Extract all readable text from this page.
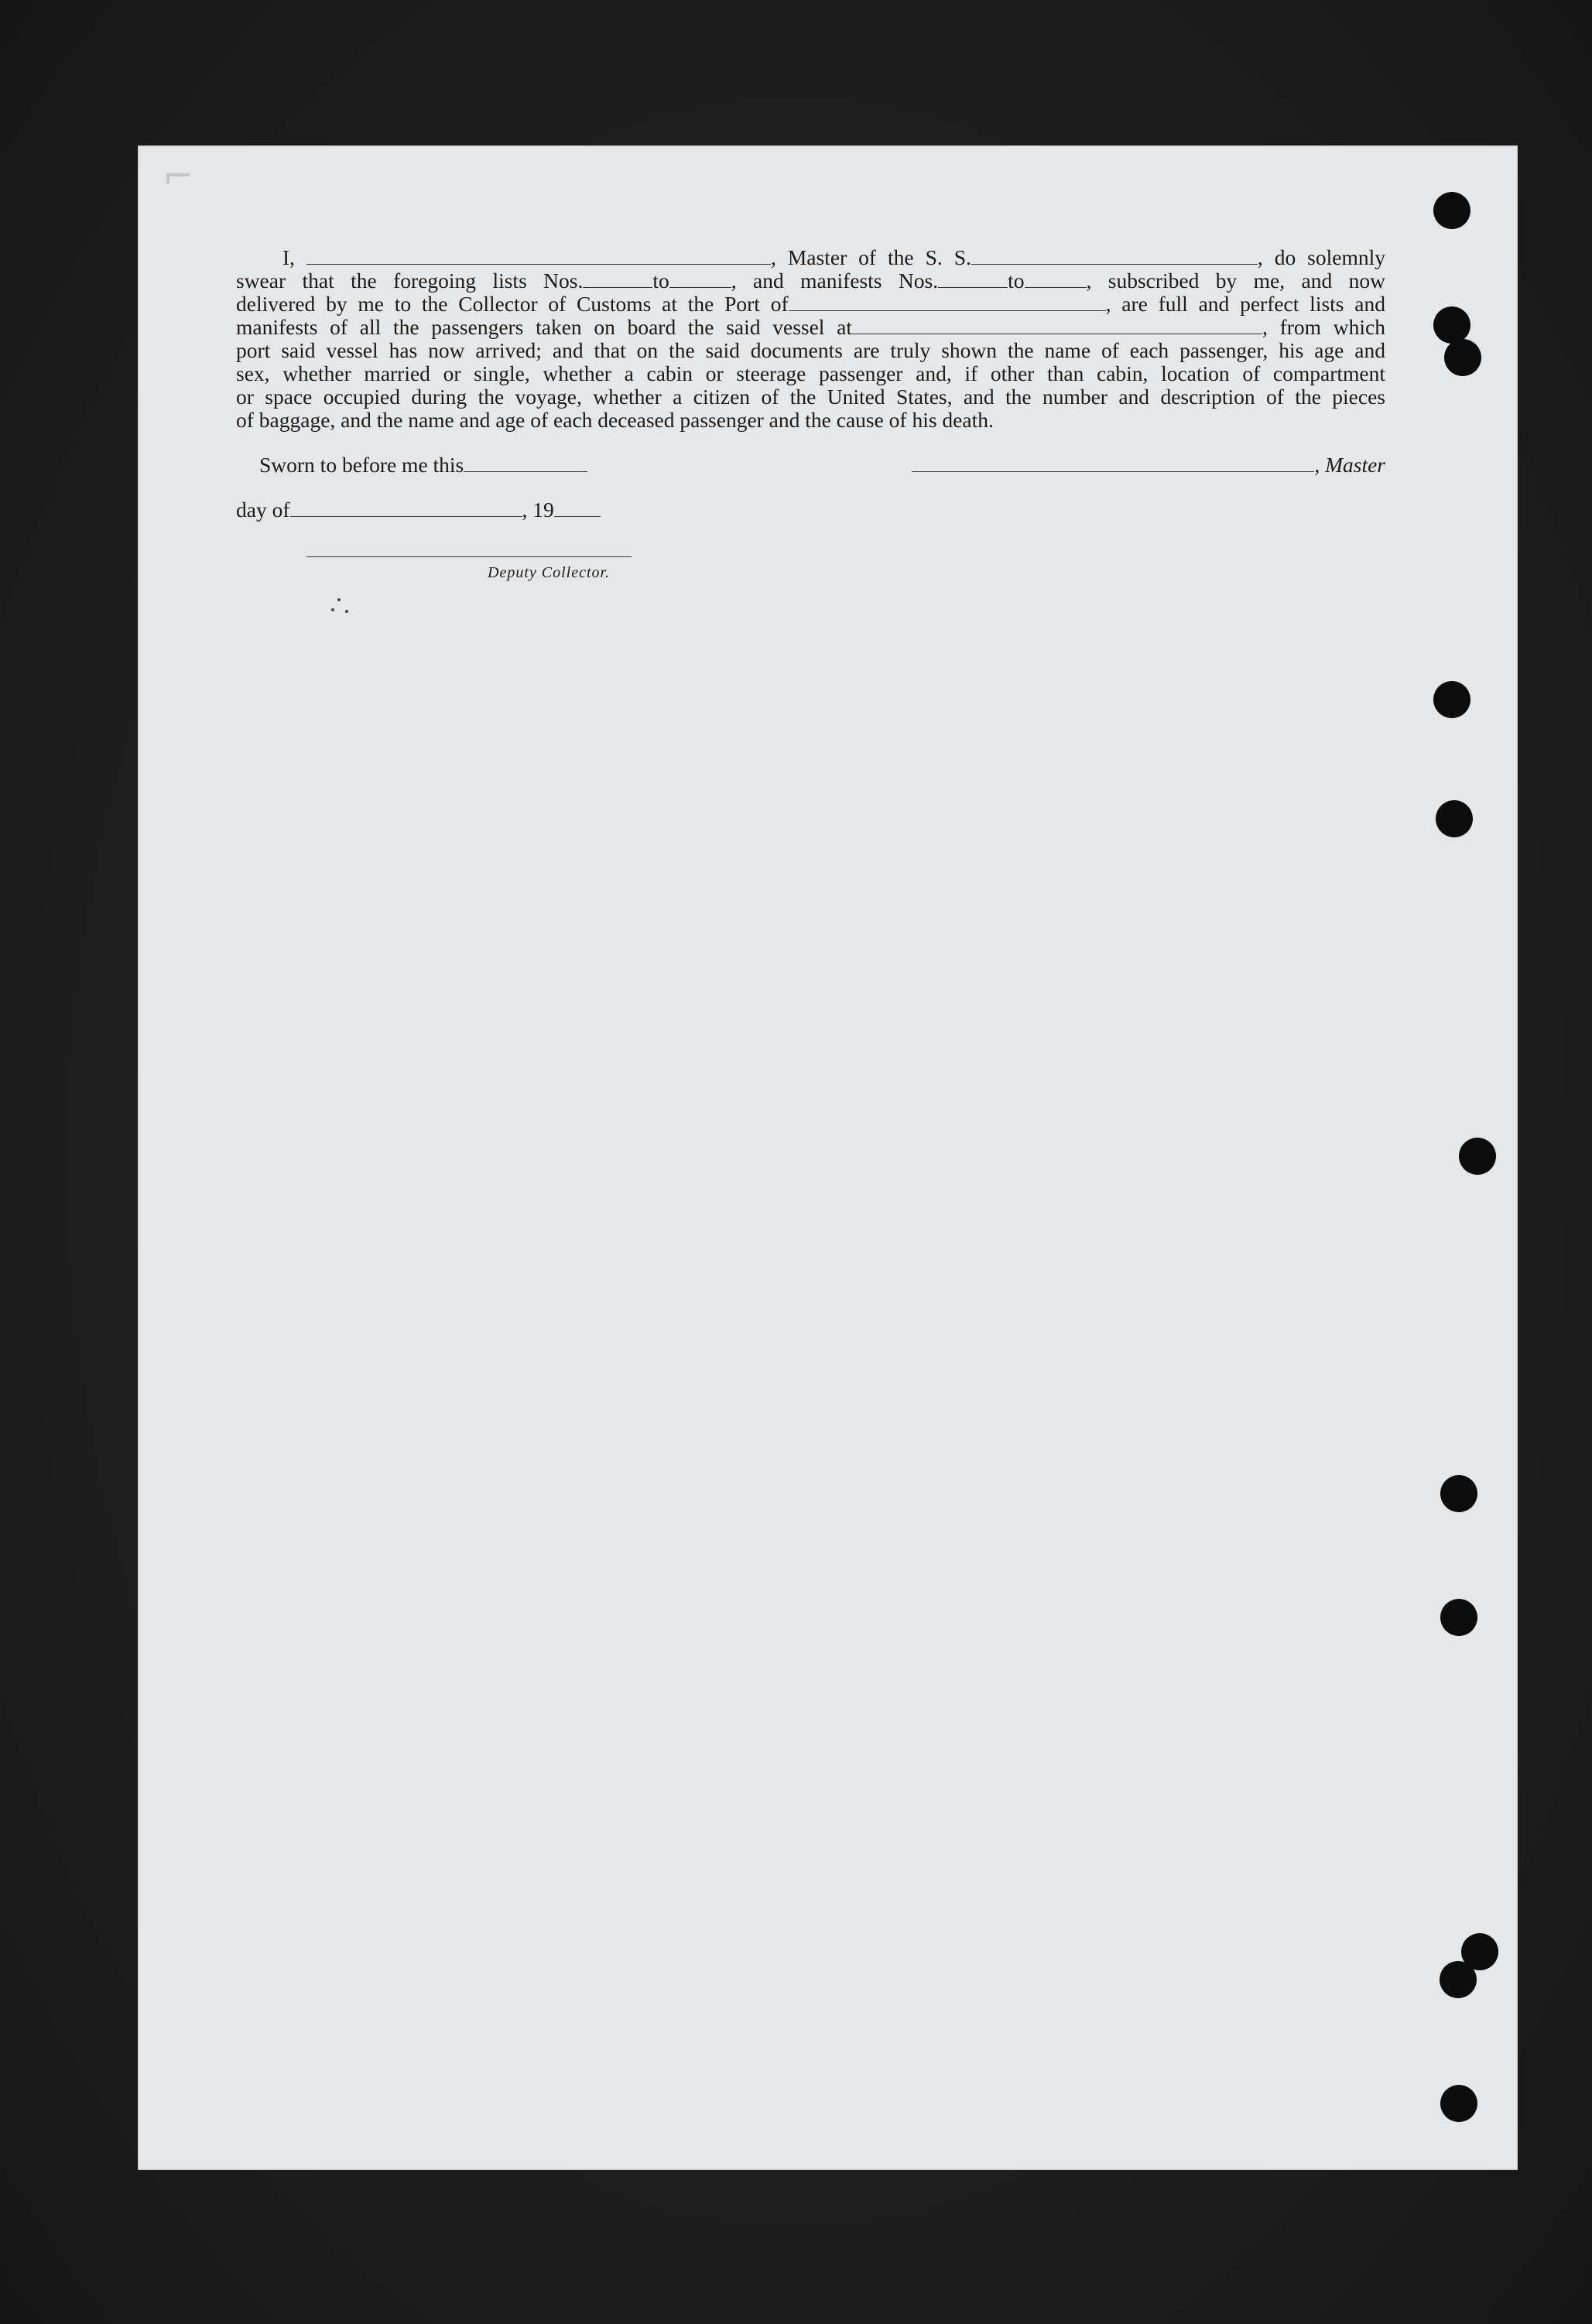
⌐
I,	, Master of the S. S.	, do solemnly
swear that the foregoing lists Nos.	to	, and manifests Nos.	to	, subscribed by me, and now
delivered by me to the Collector of Customs at the Port of	, are full and perfect lists and
manifests of all the passengers taken on board the said vessel at	, from which
port said vessel has now arrived; and that on the said documents are truly shown the name of each passenger, his age and
sex, whether married or single, whether a cabin or steerage passenger and, if other than cabin, location of compartment
or space occupied during the voyage, whether a citizen of the United States, and the number and description of the pieces
of baggage, and the name and age of each deceased passenger and the cause of his death.
Sworn to before me this	, Master
day of	, 19
Deputy Collector.
